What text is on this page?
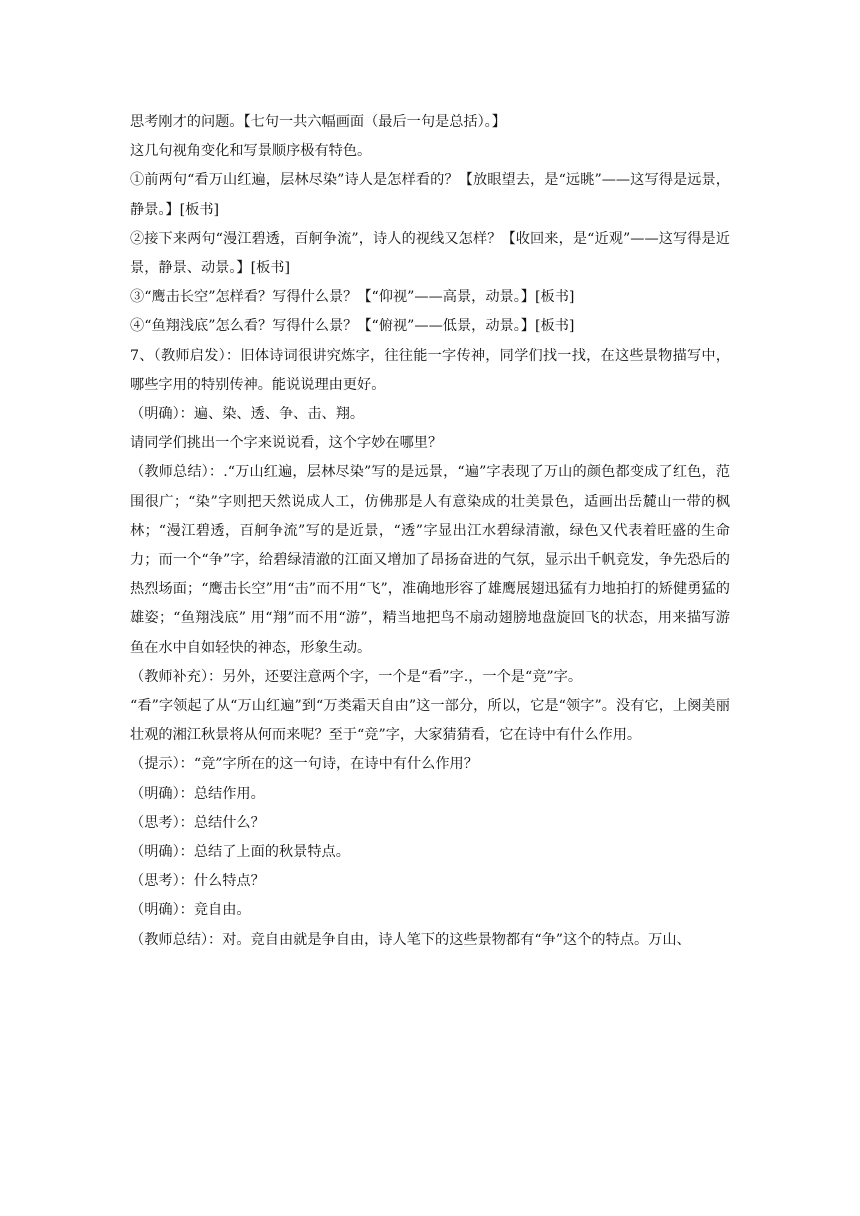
思考刚才的问题。【七句一共六幅画面（最后一句是总括）。】

这几句视角变化和写景顺序极有特色。

①前两句“看万山红遍，层林尽染”诗人是怎样看的？【放眼望去，是“远眺”——这写得是远景，静景。】[板书]

②接下来两句“漫江碧透，百舸争流”，诗人的视线又怎样？【收回来，是“近观”——这写得是近景，静景、动景。】[板书]

③“鹰击长空”怎样看？写得什么景？【“仰视”——高景，动景。】[板书]

④“鱼翔浅底”怎么看？写得什么景？【“俯视”——低景，动景。】[板书]

7、（教师启发）：旧体诗词很讲究炼字，往往能一字传神，同学们找一找，在这些景物描写中，哪些字用的特别传神。能说说理由更好。

（明确）：遍、染、透、争、击、翔。

请同学们挑出一个字来说说看，这个字妙在哪里？

（教师总结）：.“万山红遍，层林尽染”写的是远景，“遍”字表现了万山的颜色都变成了红色，范围很广；“染”字则把天然说成人工，仿佛那是人有意染成的壮美景色，适画出岳麓山一带的枫林；“漫江碧透，百舸争流”写的是近景，“透”字显出江水碧绿清澈，绿色又代表着旺盛的生命力；而一个“争”字，给碧绿清澈的江面又增加了昂扬奋进的气氛，显示出千帆竞发，争先恐后的热烈场面；“鹰击长空”用“击”而不用“飞”，准确地形容了雄鹰展翅迅猛有力地拍打的矫健勇猛的雄姿；“鱼翔浅底” 用“翔”而不用“游”，精当地把鸟不扇动翅膀地盘旋回飞的状态，用来描写游鱼在水中自如轻快的神态，形象生动。

（教师补充）：另外，还要注意两个字，一个是“看”字.，一个是“竞”字。

“看”字领起了从“万山红遍”到“万类霜天自由”这一部分，所以，它是“领字”。没有它，上阕美丽壮观的湘江秋景将从何而来呢？至于“竞”字，大家猜猜看，它在诗中有什么作用。

（提示）：“竞”字所在的这一句诗，在诗中有什么作用？

（明确）：总结作用。

（思考）：总结什么？

（明确）：总结了上面的秋景特点。

（思考）：什么特点？

（明确）：竞自由。

（教师总结）：对。竞自由就是争自由，诗人笔下的这些景物都有“争”这个的特点。万山、
